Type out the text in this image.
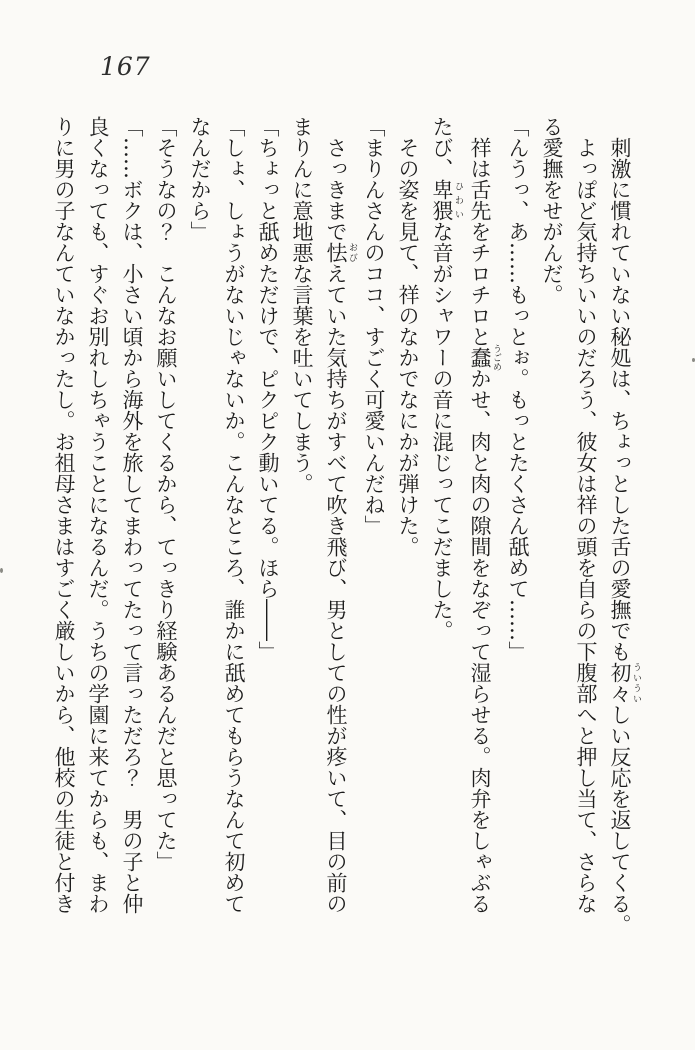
167
刺激に慣れていない秘処は、ちょっとした舌の愛撫でも初々 ういういしい反応を返してくる。
よっぽど気持ちいいのだろう、彼女は祥の頭を自らの下腹部へと押し当て、さらな
る愛撫をせがんだ。
「んうっ、あ……もっとぉ。もっとたくさん舐めて……」
祥は舌先をチロチロと蠢 うごめかせ、肉と肉の隙間をなぞって湿らせる。肉弁をしゃぶる
たび、卑猥 ひわいな音がシャワーの音に混じってこだました。
その姿を見て、祥のなかでなにかが弾けた。
「まりんさんのココ、すごく可愛いんだね」
さっきまで怯 おびえていた気持ちがすべて吹き飛び、男としての性が疼いて、目の前の
まりんに意地悪な言葉を吐いてしまう。
「ちょっと舐めただけで、ピクピク動いてる。ほら――」
「しょ、しょうがないじゃないか。こんなところ、誰かに舐めてもらうなんて初めて
なんだから」
「そうなの？　こんなお願いしてくるから、てっきり経験あるんだと思ってた」
「……ボクは、小さい頃から海外を旅してまわってたって言っただろ？　男の子と仲
良くなっても、すぐお別れしちゃうことになるんだ。うちの学園に来てからも、まわ
りに男の子なんていなかったし。お祖母さまはすごく厳しいから、他校の生徒と付き
